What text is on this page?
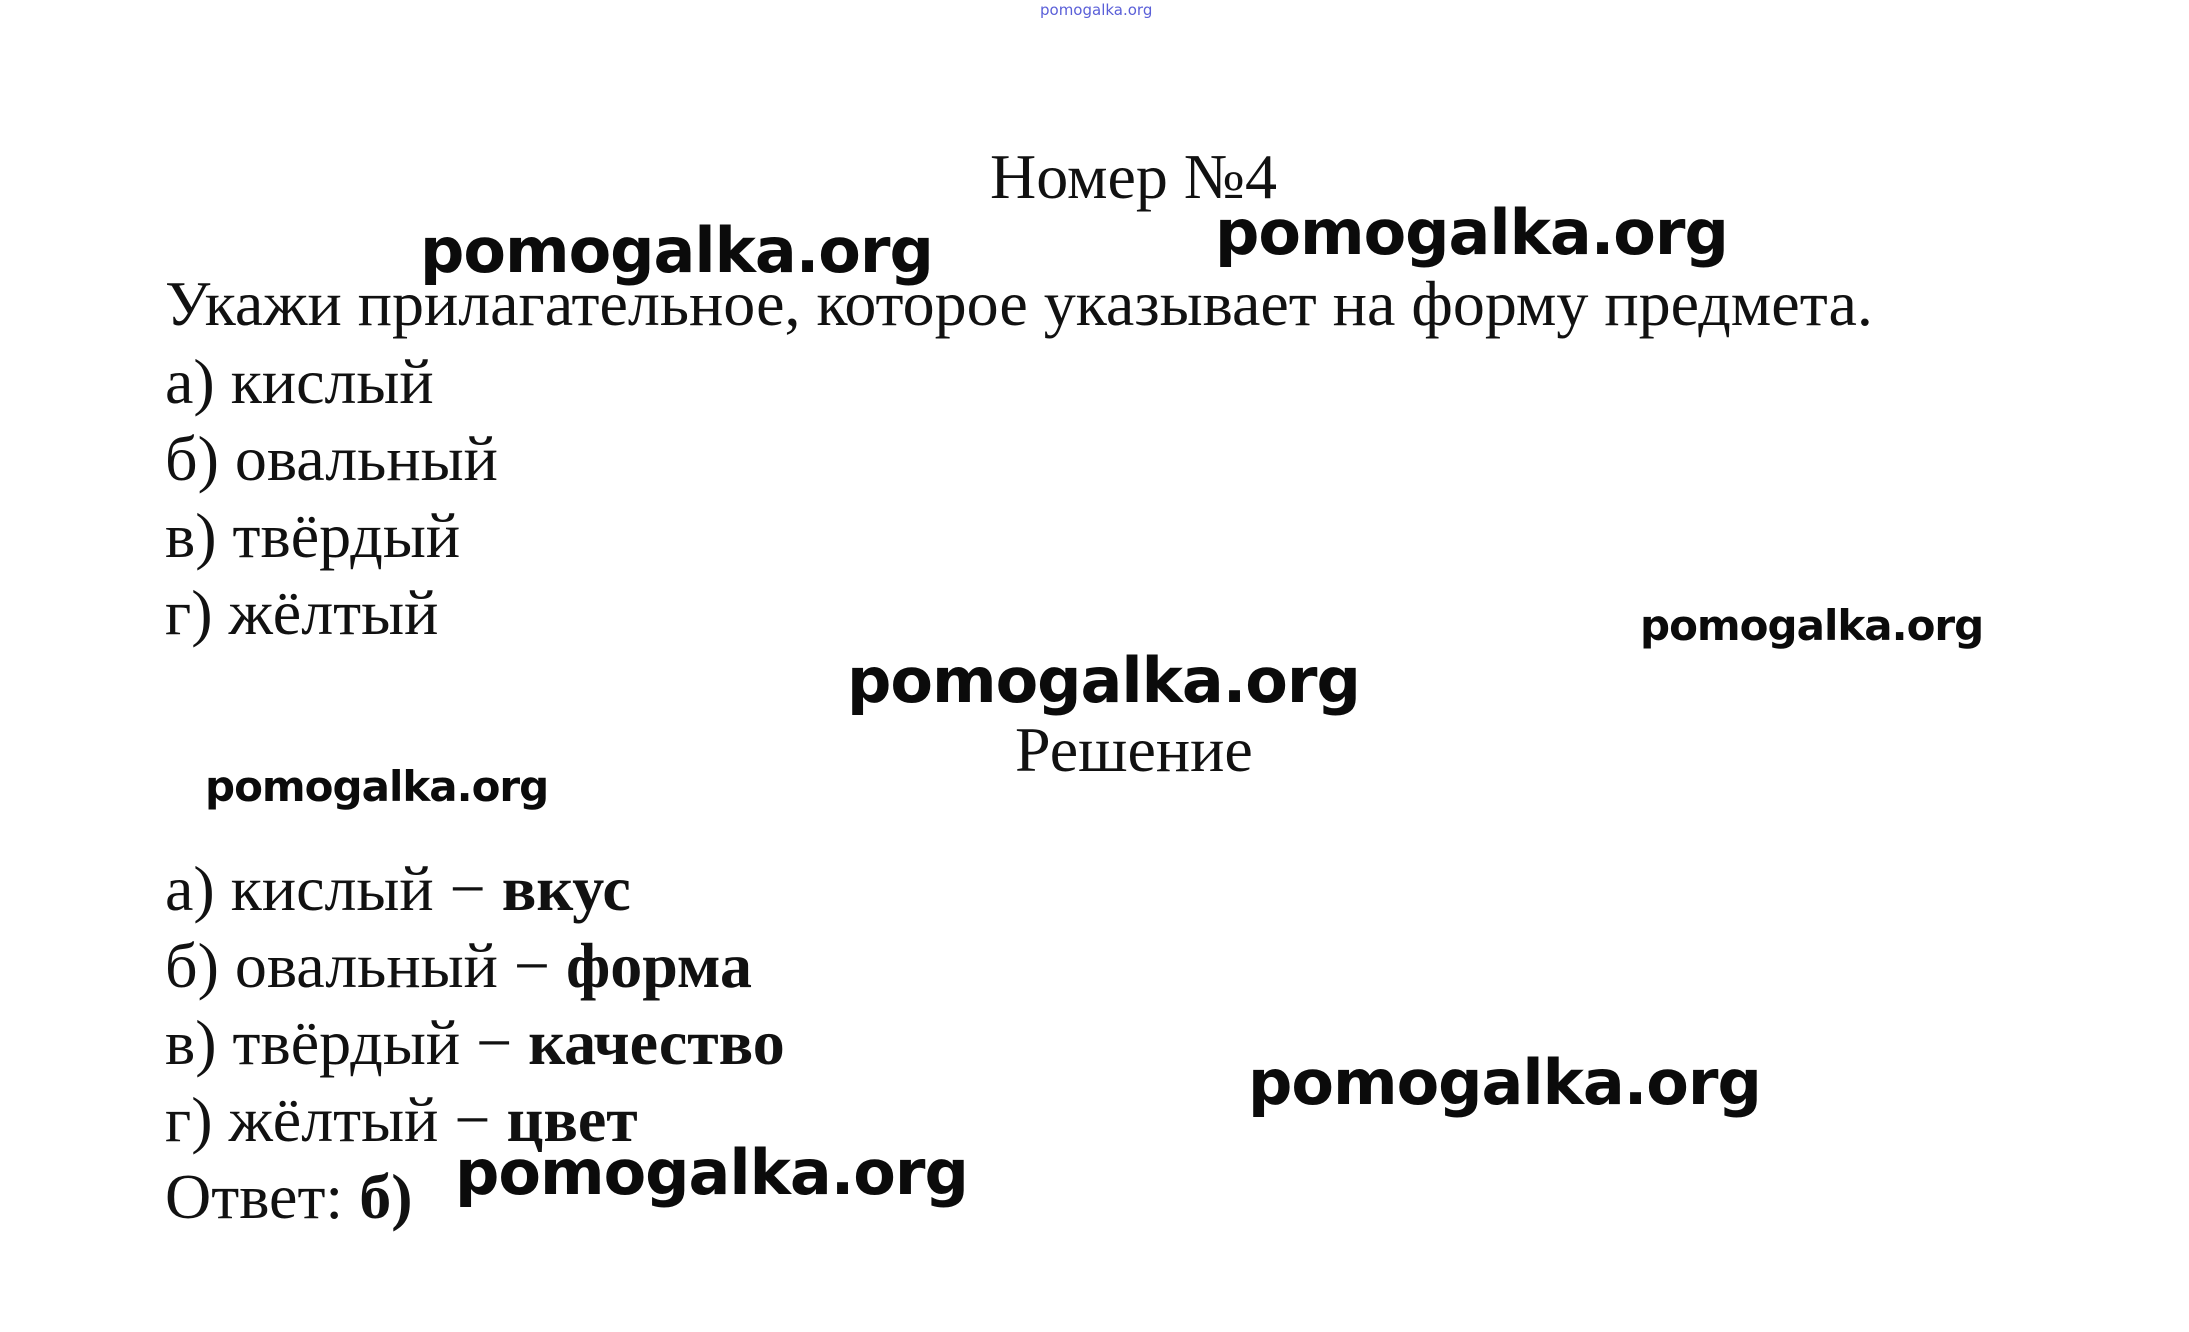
pomogalka.org
Номер №4
Укажи прилагательное, которое указывает на форму предмета.
а) кислый
б) овальный
в) твёрдый
г) жёлтый
Решение
а) кислый − вкус
б) овальный − форма
в) твёрдый − качество
г) жёлтый − цвет
Ответ: б)
pomogalka.org	pomogalka.org
pomogalka.org
pomogalka.org
pomogalka.org
pomogalka.org
pomogalka.org
